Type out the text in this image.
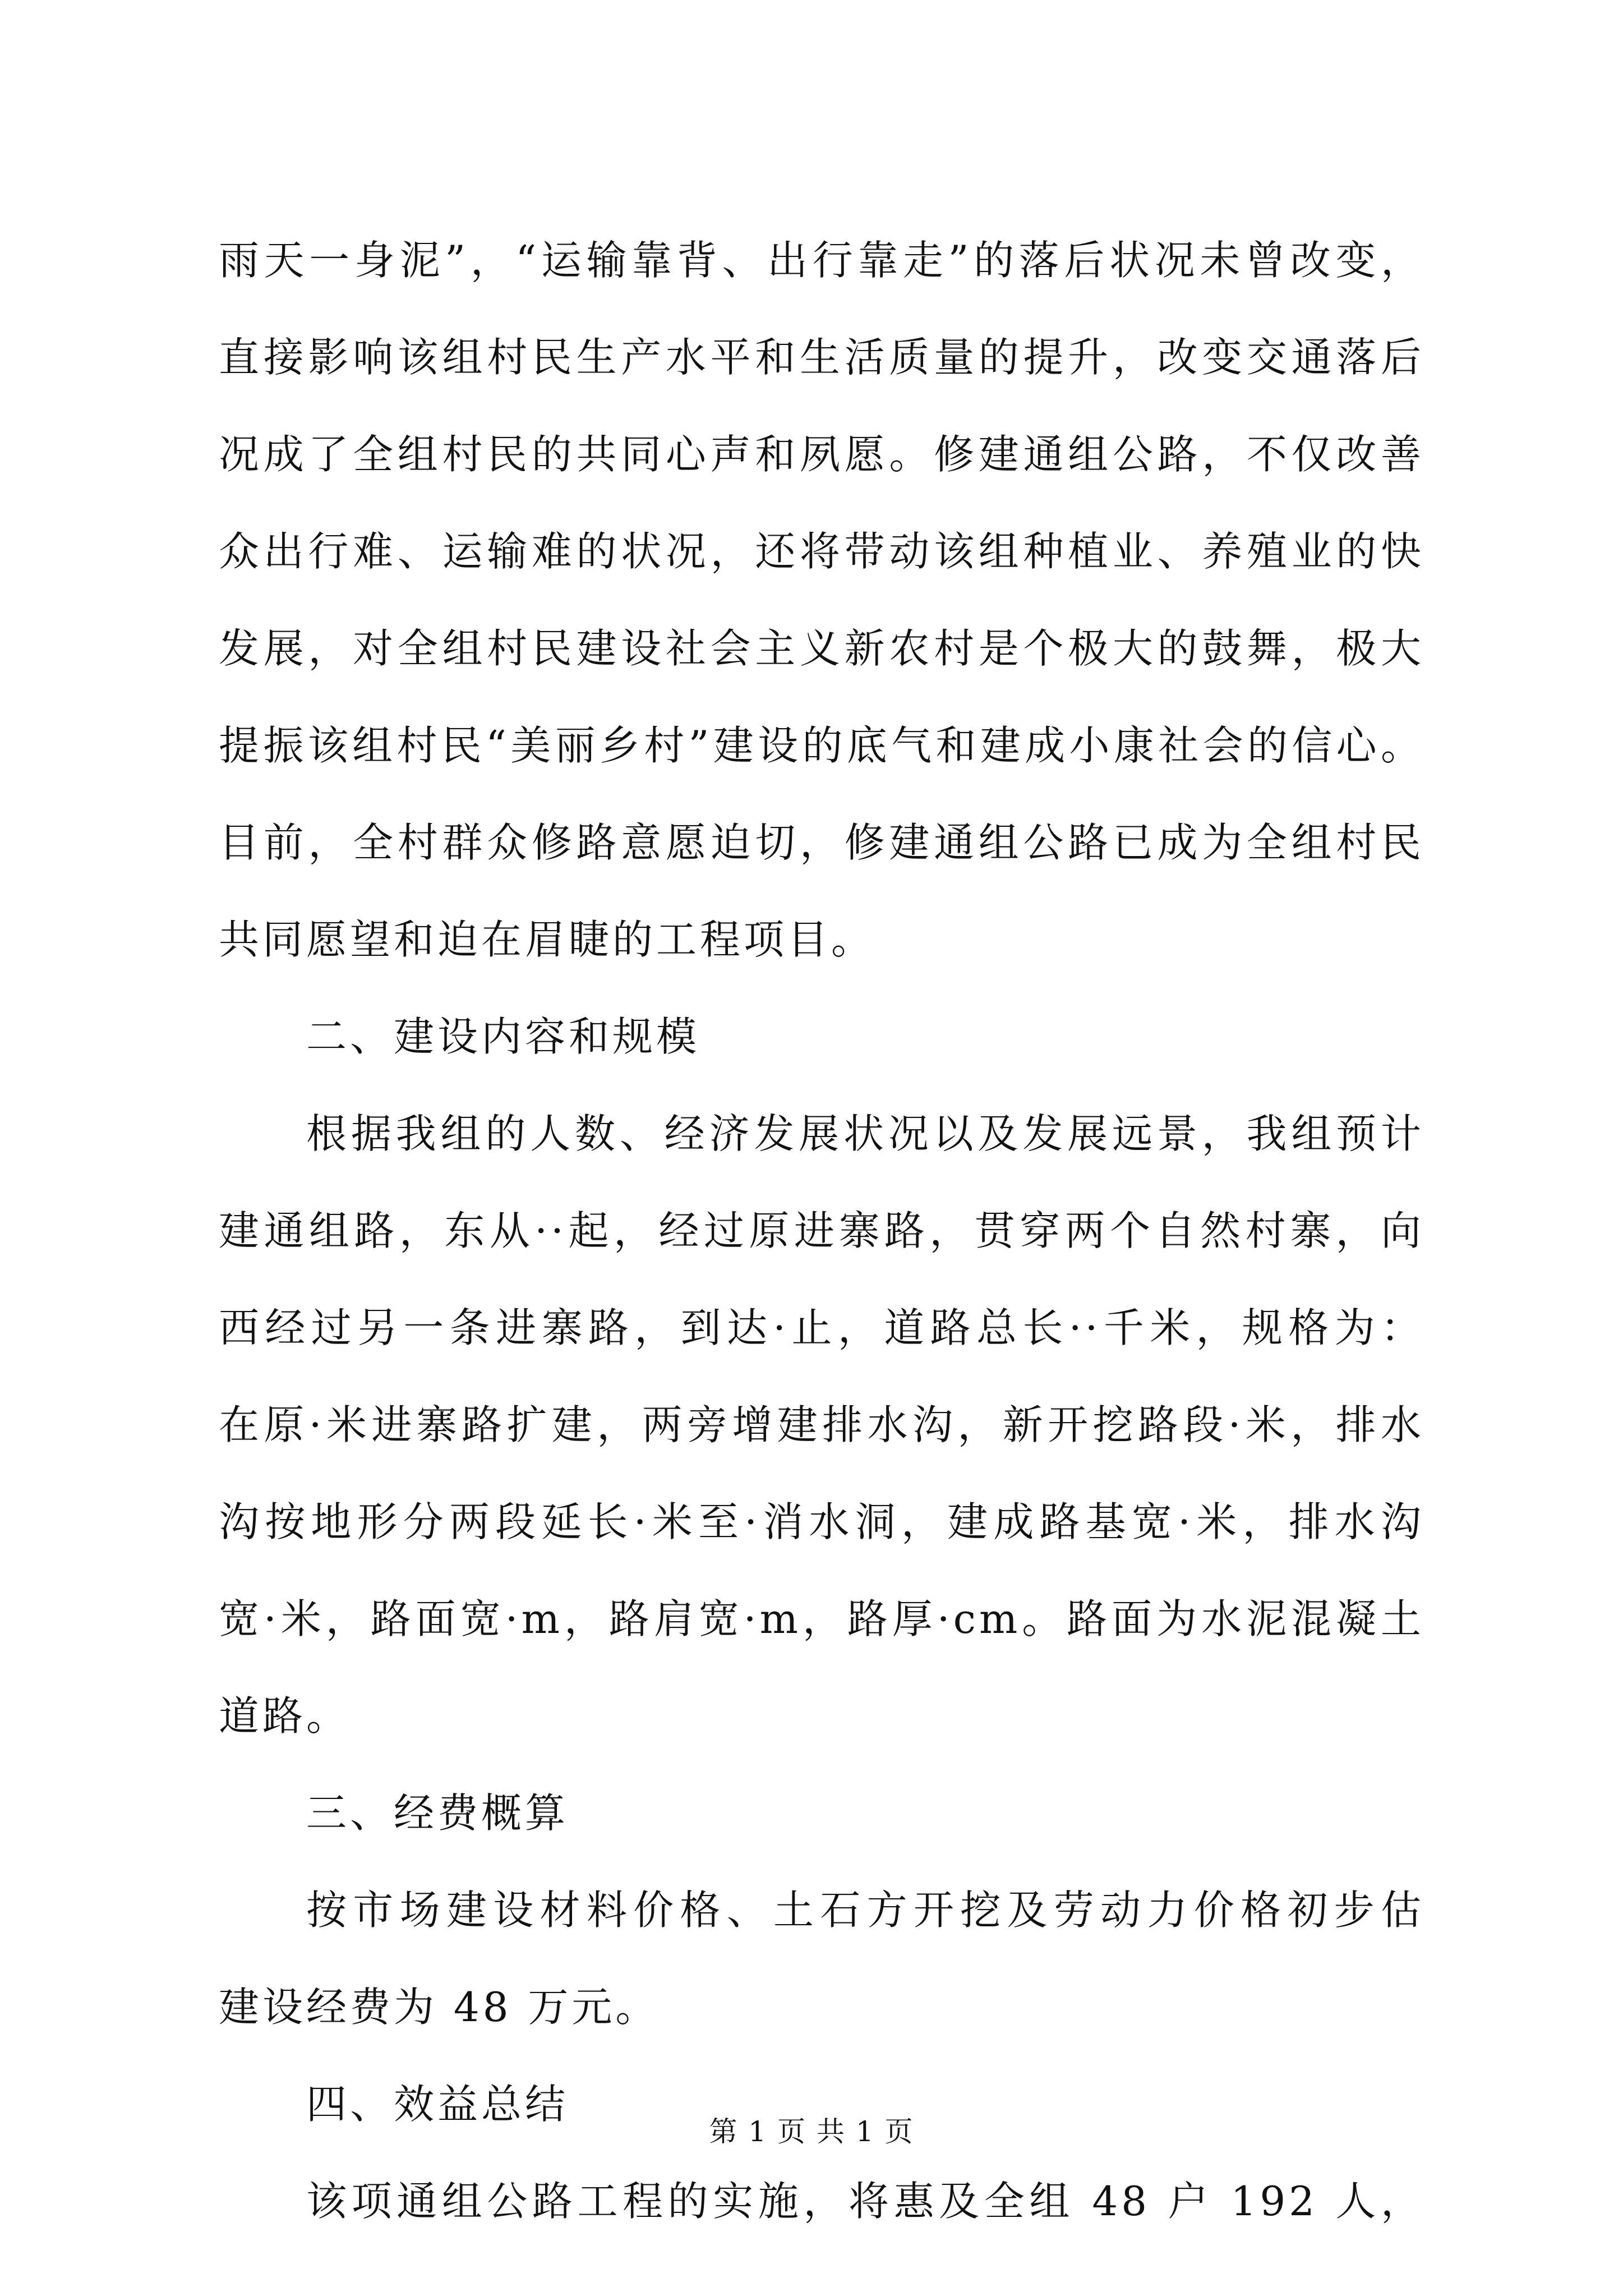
雨天一身泥”，“运输靠背、出行靠走”的落后状况未曾改变，
直接影响该组村民生产水平和生活质量的提升，改变交通落后
况成了全组村民的共同心声和夙愿。修建通组公路，不仅改善
众出行难、运输难的状况，还将带动该组种植业、养殖业的快
发展，对全组村民建设社会主义新农村是个极大的鼓舞，极大
提振该组村民“美丽乡村”建设的底气和建成小康社会的信心。
目前，全村群众修路意愿迫切，修建通组公路已成为全组村民
共同愿望和迫在眉睫的工程项目。
二、建设内容和规模
根据我组的人数、经济发展状况以及发展远景，我组预计
建通组路，东从··起，经过原进寨路，贯穿两个自然村寨，向
西经过另一条进寨路，到达·止，道路总长··千米，规格为：
在原·米进寨路扩建，两旁增建排水沟，新开挖路段·米，排水
沟按地形分两段延长·米至·消水洞，建成路基宽·米，排水沟
宽·米，路面宽·m，路肩宽·m，路厚·cm。路面为水泥混凝土
道路。
三、经费概算
按市场建设材料价格、土石方开挖及劳动力价格初步估
建设经费为 48 万元。
四、效益总结
该项通组公路工程的实施，将惠及全组 48 户 192 人，
第 1 页 共 1 页
